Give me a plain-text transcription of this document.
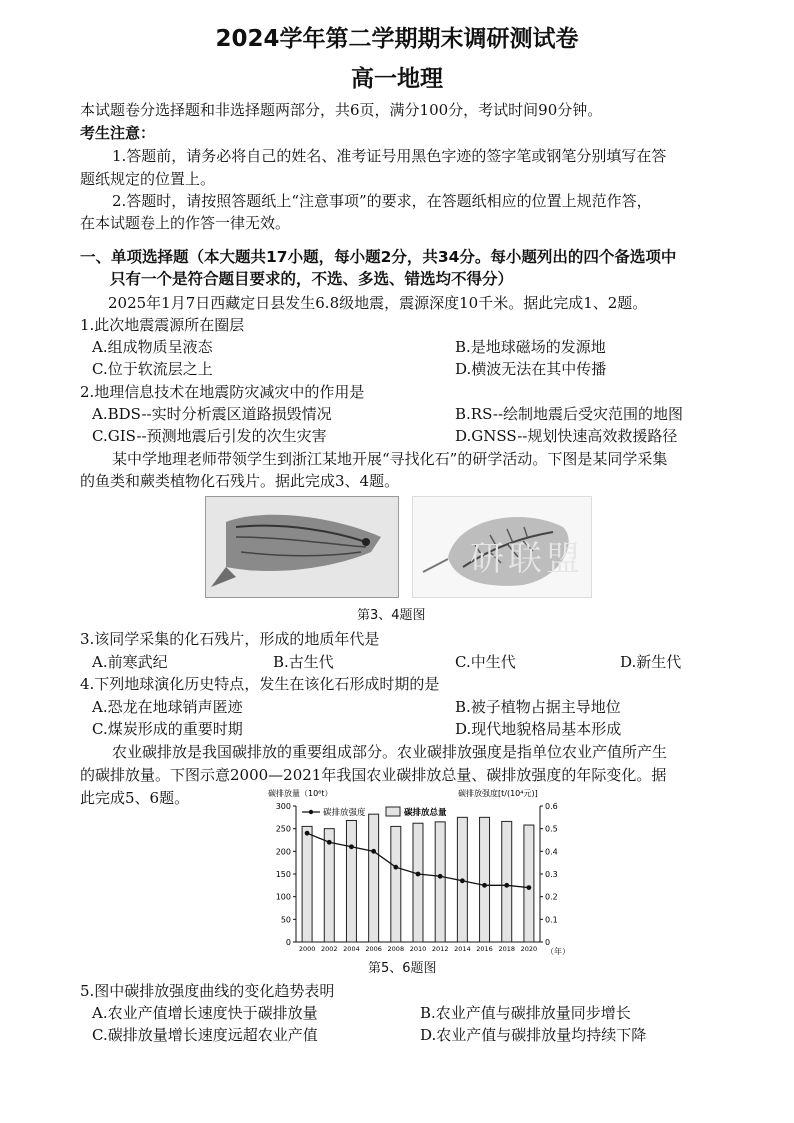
2024学年第二学期期末调研测试卷
高一地理
本试题卷分选择题和非选择题两部分，共6页，满分100分，考试时间90分钟。
考生注意：
1.答题前，请务必将自己的姓名、准考证号用黑色字迹的签字笔或钢笔分别填写在答
题纸规定的位置上。
2.答题时，请按照答题纸上“注意事项”的要求，在答题纸相应的位置上规范作答，
在本试题卷上的作答一律无效。
一、单项选择题（本大题共17小题，每小题2分，共34分。每小题列出的四个备选项中
只有一个是符合题目要求的，不选、多选、错选均不得分）
2025年1月7日西藏定日县发生6.8级地震，震源深度10千米。据此完成1、2题。
1.此次地震震源所在圈层
A.组成物质呈液态	B.是地球磁场的发源地
C.位于软流层之上	D.横波无法在其中传播
2.地理信息技术在地震防灾减灾中的作用是
A.BDS--实时分析震区道路损毁情况	B.RS--绘制地震后受灾范围的地图
C.GIS--预测地震后引发的次生灾害	D.GNSS--规划快速高效救援路径
某中学地理老师带领学生到浙江某地开展“寻找化石”的研学活动。下图是某同学采集
的鱼类和蕨类植物化石残片。据此完成3、4题。
研联盟
第3、4题图
3.该同学采集的化石残片，形成的地质年代是
A.前寒武纪	B.古生代	C.中生代	D.新生代
4.下列地球演化历史特点，发生在该化石形成时期的是
A.恐龙在地球销声匿迹	B.被子植物占据主导地位
C.煤炭形成的重要时期	D.现代地貌格局基本形成
农业碳排放是我国碳排放的重要组成部分。农业碳排放强度是指单位农业产值所产生
的碳排放量。下图示意2000—2021年我国农业碳排放总量、碳排放强度的年际变化。据
此完成5、6题。	碳排放量（10⁶t）	碳排放强度[t/(10⁴元)]
0
50
100
150
200
250
300
0
0.1
0.2
0.3
0.4
0.5
0.6
2000 2002 2004 2006 2008 2010 2012 2014 2016 2018 2020 （年）
碳排放强度	碳排放总量
第5、6题图
5.图中碳排放强度曲线的变化趋势表明
A.农业产值增长速度快于碳排放量	B.农业产值与碳排放量同步增长
C.碳排放量增长速度远超农业产值	D.农业产值与碳排放量均持续下降
